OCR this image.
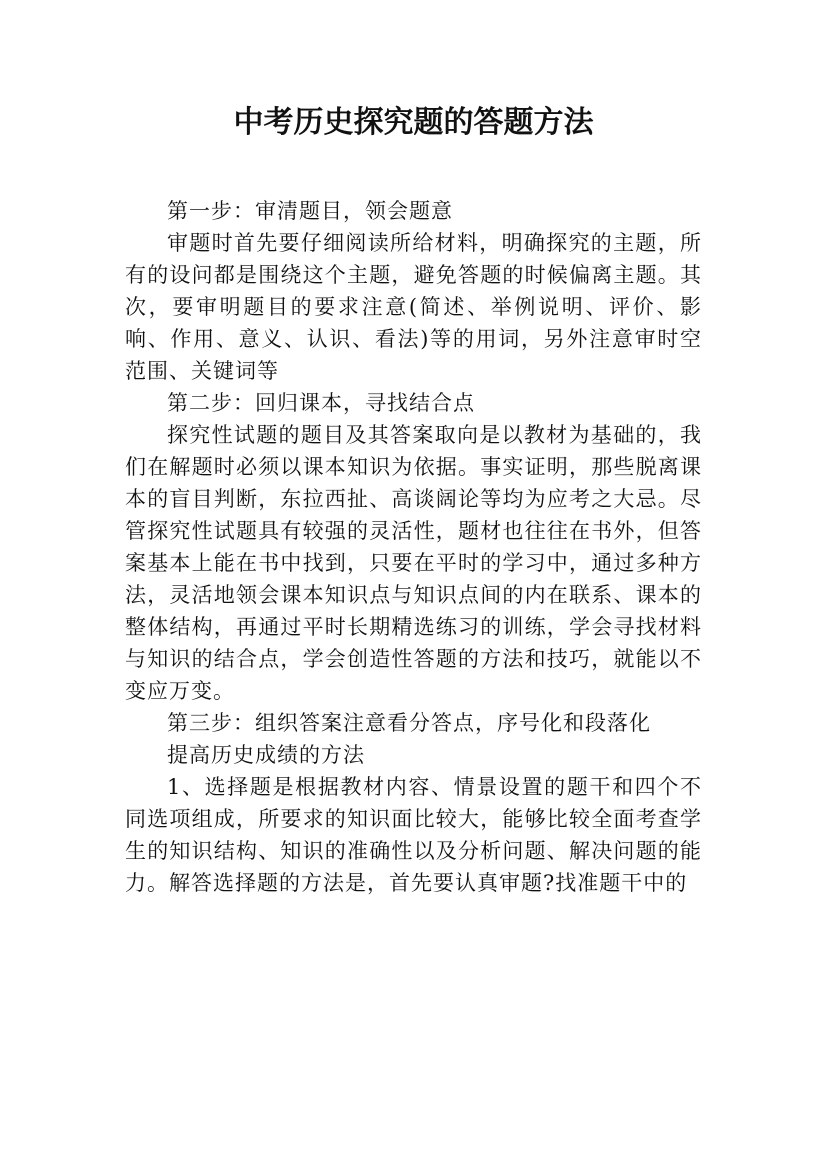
中考历史探究题的答题方法

第一步：审清题目，领会题意

审题时首先要仔细阅读所给材料，明确探究的主题，所有的设问都是围绕这个主题，避免答题的时候偏离主题。其次，要审明题目的要求注意(简述、举例说明、评价、影响、作用、意义、认识、看法)等的用词，另外注意审时空范围、关键词等

第二步：回归课本，寻找结合点

探究性试题的题目及其答案取向是以教材为基础的，我们在解题时必须以课本知识为依据。事实证明，那些脱离课本的盲目判断，东拉西扯、高谈阔论等均为应考之大忌。尽管探究性试题具有较强的灵活性，题材也往往在书外，但答案基本上能在书中找到，只要在平时的学习中，通过多种方法，灵活地领会课本知识点与知识点间的内在联系、课本的整体结构，再通过平时长期精选练习的训练，学会寻找材料与知识的结合点，学会创造性答题的方法和技巧，就能以不变应万变。

第三步：组织答案注意看分答点，序号化和段落化

提高历史成绩的方法

1、选择题是根据教材内容、情景设置的题干和四个不同选项组成，所要求的知识面比较大，能够比较全面考查学生的知识结构、知识的准确性以及分析问题、解决问题的能力。解答选择题的方法是，首先要认真审题?找准题干中的
